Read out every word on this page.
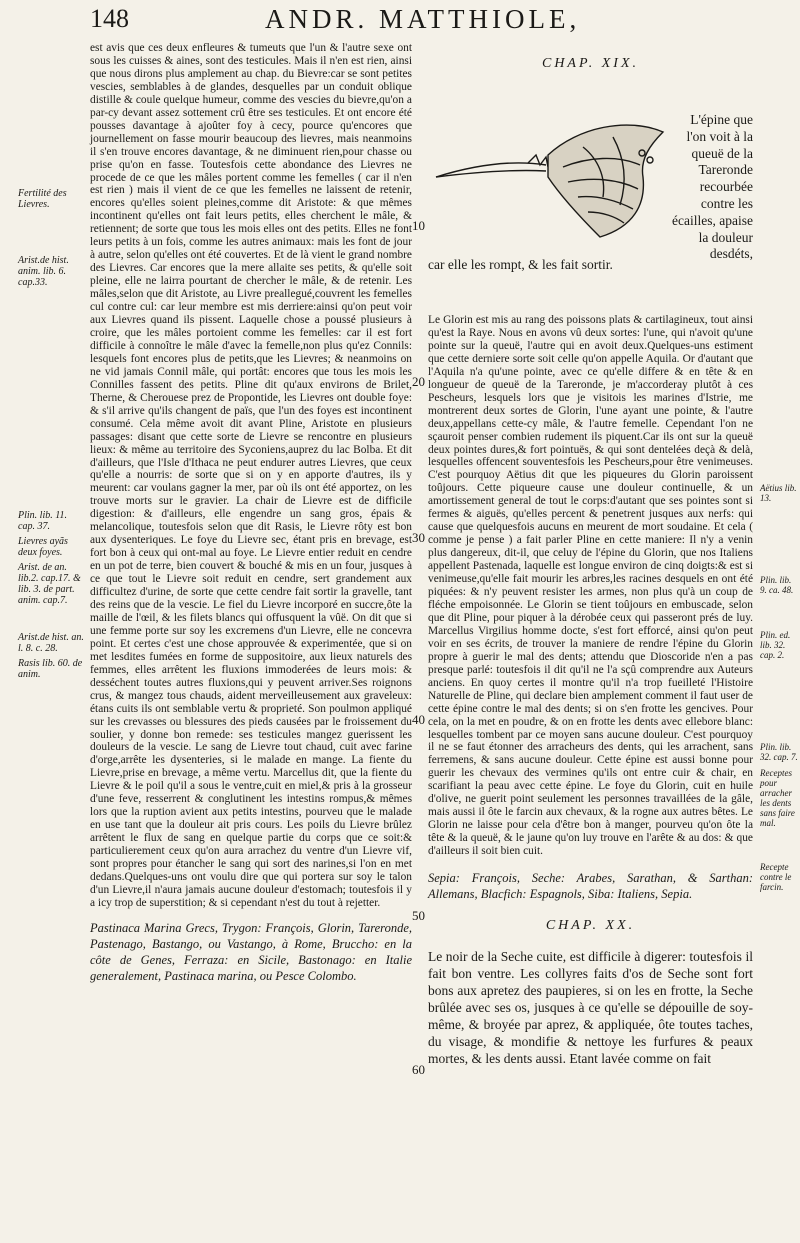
148	ANDR. MATTHIOLE,
Fertilité des Lievres.
Arist.de hist. anim. lib. 6. cap.33.
Plin. lib. 11. cap. 37.
Lievres ayãs deux foyes.
Arist. de an. lib.2. cap.17. & lib. 3. de part. anim. cap.7.
Arist.de hist. an. l. 8. c. 28.
Rasis lib. 60. de anim.
10
20
30
40
50
60
Aëtius lib. 13.
Plin. lib. 9. ca. 48.
Plin. ed. lib. 32. cap. 2.
Plin. lib. 32. cap. 7.
Receptes pour arracher les dents sans faire mal.
Recepte contre le farcin.

est avis que ces deux enfleures & tumeuts que l'un & l'autre sexe ont sous les cuisses & aines, sont des testicules. Mais il n'en est rien, ainsi que nous dirons plus amplement au chap. du Bievre:car se sont petites vescies, semblables à de glandes, desquelles par un conduit oblique distille & coule quelque humeur, comme des vescies du bievre,qu'on a par-cy devant assez sottement crû être ses testicules. Et ont encore été pousses davantage à ajoûter foy à cecy, pource qu'encores que journellement on fasse mourir beaucoup des lievres, mais neanmoins il s'en trouve encores davantage, & ne diminuent rien,pour chasse ou prise qu'on en fasse. Toutesfois cette abondance des Lievres ne procede de ce que les mâles portent comme les femelles ( car il n'en est rien ) mais il vient de ce que les femelles ne laissent de retenir, encores qu'elles soient pleines,comme dit Aristote: & que mêmes incontinent qu'elles ont fait leurs petits, elles cherchent le mâle, & retiennent; de sorte que tous les mois elles ont des petits. Elles ne font leurs petits à un fois, comme les autres animaux: mais les font de jour à autre, selon qu'elles ont été couvertes. Et de là vient le grand nombre des Lievres. Car encores que la mere allaite ses petits, & qu'elle soit pleine, elle ne lairra pourtant de chercher le mâle, & de retenir. Les mâles,selon que dit Aristote, au Livre preallegué,couvrent les femelles cul contre cul: car leur membre est mis derriere:ainsi qu'on peut voir aux Lievres quand ils pissent. Laquelle chose a poussé plusieurs à croire, que les mâles portoient comme les femelles: car il est fort difficile à connoître le mâle d'avec la femelle,non plus qu'ez Connils: lesquels font encores plus de petits,que les Lievres; & neanmoins on ne vid jamais Connil mâle, qui portât: encores que tous les mois les Connilles fassent des petits. Pline dit qu'aux environs de Brilet, Therne, & Cherouese prez de Propontide, les Lievres ont double foye: & s'il arrive qu'ils changent de païs, que l'un des foyes est incontinent consumé. Cela même avoit dit avant Pline, Aristote en plusieurs passages: disant que cette sorte de Lievre se rencontre en plusieurs lieux: & même au territoire des Syconiens,auprez du lac Bolba. Et dit d'ailleurs, que l'Isle d'Ithaca ne peut endurer autres Lievres, que ceux qu'elle a nourris: de sorte que si on y en apporte d'autres, ils y meurent: car voulans gagner la mer, par où ils ont été apportez, on les trouve morts sur le gravier. La chair de Lievre est de difficile digestion: & d'ailleurs, elle engendre un sang gros, épais & melancolique, toutesfois selon que dit Rasis, le Lievre rôty est bon aux dysenteriques. Le foye du Lievre sec, étant pris en brevage, est fort bon à ceux qui ont-mal au foye. Le Lievre entier reduit en cendre en un pot de terre, bien couvert & bouché & mis en un four, jusques à ce que tout le Lievre soit reduit en cendre, sert grandement aux difficultez d'urine, de sorte que cette cendre fait sortir la gravelle, tant des reins que de la vescie. Le fiel du Lievre incorporé en succre,ôte la maille de l'œil, & les filets blancs qui offusquent la vûë. On dit que si une femme porte sur soy les excremens d'un Lievre, elle ne concevra point. Et certes c'est une chose approuvée & experimentée, que si on met lesdites fumées en forme de suppositoire, aux lieux naturels des femmes, elles arrêtent les fluxions immoderées de leurs mois: & desséchent toutes autres fluxions,qui y peuvent arriver.Ses roignons crus, & mangez tous chauds, aident merveilleusement aux graveleux: étans cuits ils ont semblable vertu & proprieté. Son poulmon appliqué sur les crevasses ou blessures des pieds causées par le froissement du soulier, y donne bon remede: ses testicules mangez guerissent les douleurs de la vescie. Le sang de Lievre tout chaud, cuit avec farine d'orge,arrête les dysenteries, si le malade en mange. La fiente du Lievre,prise en brevage, a même vertu. Marcellus dit, que la fiente du Lievre & le poil qu'il a sous le ventre,cuit en miel,& pris à la grosseur d'une feve, resserrent & conglutinent les intestins rompus,& mêmes lors que la ruption avient aux petits intestins, pourveu que le malade en use tant que la douleur ait pris cours. Les poils du Lievre brûlez arrêtent le flux de sang en quelque partie du corps que ce soit:& particulierement ceux qu'on aura arrachez du ventre d'un Lievre vif, sont propres pour étancher le sang qui sort des narines,si l'on en met dedans.Quelques-uns ont voulu dire que qui portera sur soy le talon d'un Lievre,il n'aura jamais aucune douleur d'estomach; toutesfois il y a icy trop de superstition; & si cependant n'est du tout à rejetter.

Pastinaca Marina Grecs, Trygon: François, Glorin, Tareronde, Pastenago, Bastango, ou Vastango, à Rome, Bruccho: en la côte de Genes, Ferraza: en Sicile, Bastonago: en Italie generalement, Pastinaca marina, ou Pesce Colombo.

CHAP. XIX.

L'épine que l'on voit à la queuë de la Tareronde recourbée contre les écailles, apaise la douleur desdéts,
car elle les rompt, & les fait sortir.

Le Glorin est mis au rang des poissons plats & cartilagineux, tout ainsi qu'est la Raye. Nous en avons vû deux sortes: l'une, qui n'avoit qu'une pointe sur la queuë, l'autre qui en avoit deux.Quelques-uns estiment que cette derniere sorte soit celle qu'on appelle Aquila. Or d'autant que l'Aquila n'a qu'une pointe, avec ce qu'elle differe & en tête & en longueur de queuë de la Tareronde, je m'accorderay plutôt à ces Pescheurs, lesquels lors que je visitois les marines d'Istrie, me montrerent deux sortes de Glorin, l'une ayant une pointe, & l'autre deux,appellans cette-cy mâle, & l'autre femelle. Cependant l'on ne sçauroit penser combien rudement ils piquent.Car ils ont sur la queuë deux pointes dures,& fort pointuës, & qui sont dentelées deçà & delà, lesquelles offencent souventesfois les Pescheurs,pour être venimeuses. C'est pourquoy Aëtius dit que les piqueures du Glorin paroissent toûjours. Cette piqueure cause une douleur continuelle, & un amortissement general de tout le corps:d'autant que ses pointes sont si fermes & aiguës, qu'elles percent & penetrent jusques aux nerfs: qui cause que quelquesfois aucuns en meurent de mort soudaine. Et cela ( comme je pense ) a fait parler Pline en cette maniere: Il n'y a venin plus dangereux, dit-il, que celuy de l'épine du Glorin, que nos Italiens appellent Pastenada, laquelle est longue environ de cinq doigts:& est si venimeuse,qu'elle fait mourir les arbres,les racines desquels en ont été piquées: & n'y peuvent resister les armes, non plus qu'à un coup de fléche empoisonnée. Le Glorin se tient toûjours en embuscade, selon que dit Pline, pour piquer à la dérobée ceux qui passeront prés de luy. Marcellus Virgilius homme docte, s'est fort efforcé, ainsi qu'on peut voir en ses écrits, de trouver la maniere de rendre l'épine du Glorin propre à guerir le mal des dents; attendu que Dioscoride n'en a pas presque parlé: toutesfois il dit qu'il ne l'a sçû comprendre aux Auteurs anciens. En quoy certes il montre qu'il n'a trop fueilleté l'Histoire Naturelle de Pline, qui declare bien amplement comment il faut user de cette épine contre le mal des dents; si on s'en frotte les gencives. Pour cela, on la met en poudre, & on en frotte les dents avec ellebore blanc: lesquelles tombent par ce moyen sans aucune douleur. C'est pourquoy il ne se faut étonner des arracheurs des dents, qui les arrachent, sans ferremens, & sans aucune douleur. Cette épine est aussi bonne pour guerir les chevaux des vermines qu'ils ont entre cuir & chair, en scarifiant la peau avec cette épine. Le foye du Glorin, cuit en huile d'olive, ne guerit point seulement les personnes travaillées de la gâle, mais aussi il ôte le farcin aux chevaux, & la rogne aux autres bêtes. Le Glorin ne laisse pour cela d'être bon à manger, pourveu qu'on ôte la tête & la queuë, & le jaune qu'on luy trouve en l'arête & au dos: & que d'ailleurs il soit bien cuit.

Sepia: François, Seche: Arabes, Sarathan, & Sarthan: Allemans, Blacfich: Espagnols, Siba: Italiens, Sepia.

CHAP. XX.

Le noir de la Seche cuite, est difficile à digerer: toutesfois il fait bon ventre. Les collyres faits d'os de Seche sont fort bons aux apretez des paupieres, si on les en frotte, la Seche brûlée avec ses os, jusques à ce qu'elle se dépouille de soy-même, & broyée par aprez, & appliquée, ôte toutes taches, du visage, & mondifie & nettoye les furfures & peaux mortes, & les dents aussi. Etant lavée comme on fait
